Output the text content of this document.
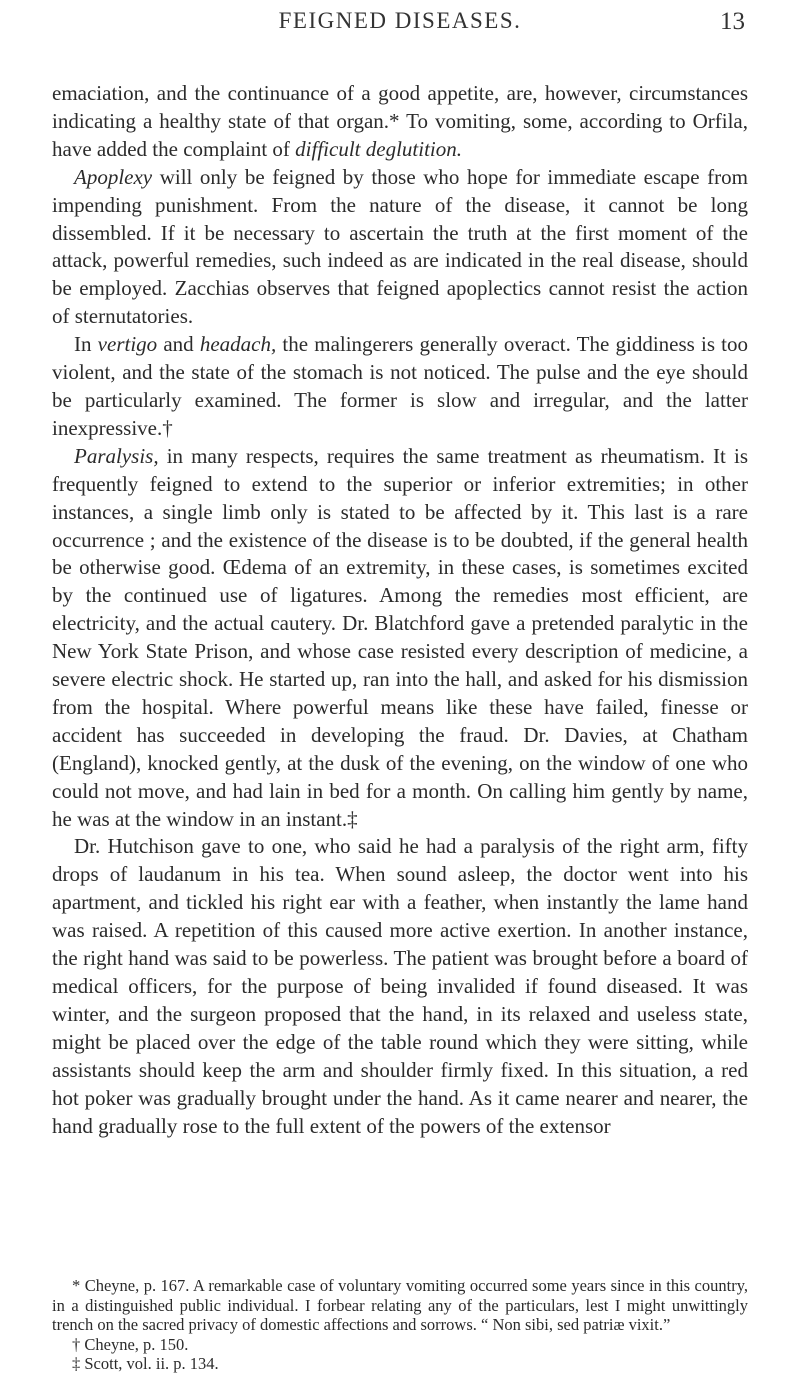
FEIGNED DISEASES.	13

emaciation, and the continuance of a good appetite, are, however, circumstances indicating a healthy state of that organ.* To vomiting, some, according to Orfila, have added the complaint of difficult deglutition.

Apoplexy will only be feigned by those who hope for immediate escape from impending punishment. From the nature of the disease, it cannot be long dissembled. If it be necessary to ascertain the truth at the first moment of the attack, powerful remedies, such indeed as are indicated in the real disease, should be employed. Zacchias observes that feigned apoplectics cannot resist the action of sternutatories.

In vertigo and headach, the malingerers generally overact. The giddiness is too violent, and the state of the stomach is not noticed. The pulse and the eye should be particularly examined. The former is slow and irregular, and the latter inexpressive.†

Paralysis, in many respects, requires the same treatment as rheumatism. It is frequently feigned to extend to the superior or inferior extremities; in other instances, a single limb only is stated to be affected by it. This last is a rare occurrence ; and the existence of the disease is to be doubted, if the general health be otherwise good. Œdema of an extremity, in these cases, is sometimes excited by the continued use of ligatures. Among the remedies most efficient, are electricity, and the actual cautery. Dr. Blatchford gave a pretended paralytic in the New York State Prison, and whose case resisted every description of medicine, a severe electric shock. He started up, ran into the hall, and asked for his dismission from the hospital. Where powerful means like these have failed, finesse or accident has succeeded in developing the fraud. Dr. Davies, at Chatham (England), knocked gently, at the dusk of the evening, on the window of one who could not move, and had lain in bed for a month. On calling him gently by name, he was at the window in an instant.‡

Dr. Hutchison gave to one, who said he had a paralysis of the right arm, fifty drops of laudanum in his tea. When sound asleep, the doctor went into his apartment, and tickled his right ear with a feather, when instantly the lame hand was raised. A repetition of this caused more active exertion. In another instance, the right hand was said to be powerless. The patient was brought before a board of medical officers, for the purpose of being invalided if found diseased. It was winter, and the surgeon proposed that the hand, in its relaxed and useless state, might be placed over the edge of the table round which they were sitting, while assistants should keep the arm and shoulder firmly fixed. In this situation, a red hot poker was gradually brought under the hand. As it came nearer and nearer, the hand gradually rose to the full extent of the powers of the extensor

* Cheyne, p. 167. A remarkable case of voluntary vomiting occurred some years since in this country, in a distinguished public individual. I forbear relating any of the particulars, lest I might unwittingly trench on the sacred privacy of domestic affections and sorrows. “ Non sibi, sed patriæ vixit.”

† Cheyne, p. 150.

‡ Scott, vol. ii. p. 134.
